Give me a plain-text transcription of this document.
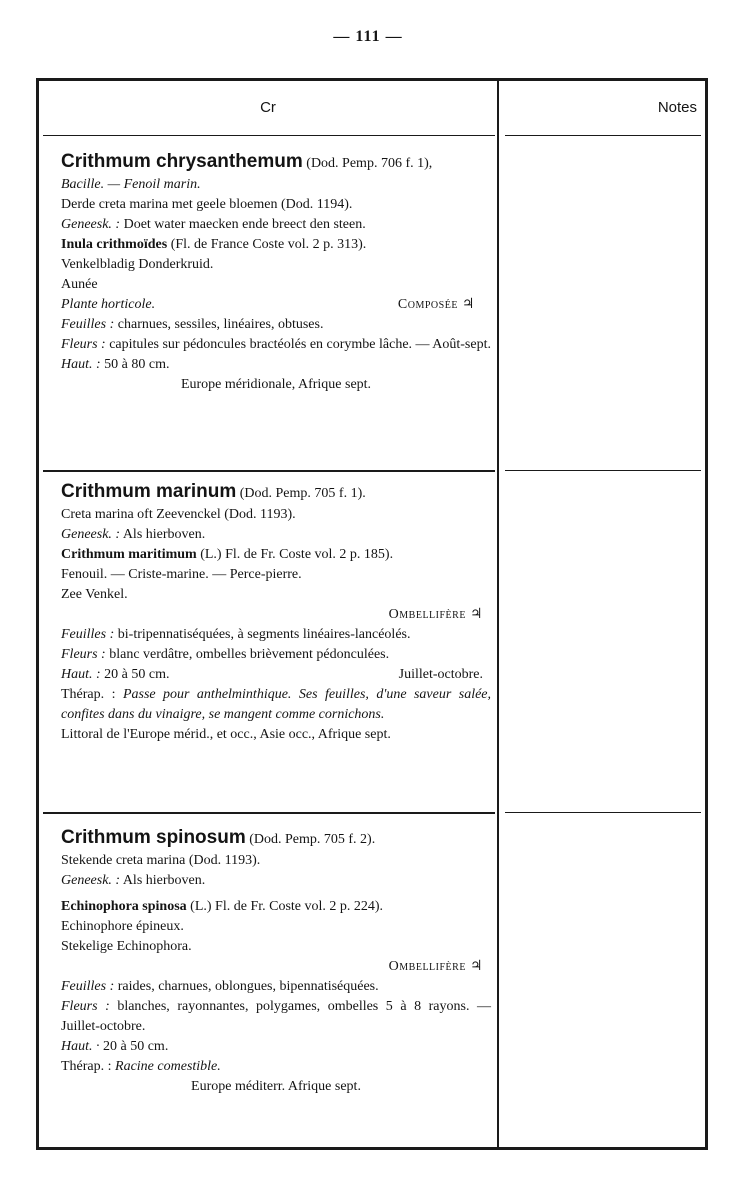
— 111 —
Cr	Notes
Crithmum chrysanthemum (Dod. Pemp. 706 f. 1),
Bacille. — Fenoil marin.
Derde creta marina met geele bloemen (Dod. 1194).
Geneesk. : Doet water maecken ende breect den steen.
Inula crithmoïdes (Fl. de France Coste vol. 2 p. 313).
Venkelbladig Donderkruid.
Aunée
Plante horticole.	Composée ♃
Feuilles : charnues, sessiles, linéaires, obtuses.
Fleurs : capitules sur pédoncules bractéolés en corymbe lâche. — Août-sept.
Haut. : 50 à 80 cm.
Europe méridionale, Afrique sept.
Crithmum marinum (Dod. Pemp. 705 f. 1).
Creta marina oft Zeevenckel (Dod. 1193).
Geneesk. : Als hierboven.
Crithmum maritimum (L.) Fl. de Fr. Coste vol. 2 p. 185).
Fenouil. — Criste-marine. — Perce-pierre.
Zee Venkel.
Ombellifère ♃
Feuilles : bi-tripennatiséquées, à segments linéaires-lancéolés.
Fleurs : blanc verdâtre, ombelles brièvement pédonculées.
Haut. : 20 à 50 cm.	Juillet-octobre.
Thérap. : Passe pour anthelminthique. Ses feuilles, d'une saveur salée, confites dans du vinaigre, se mangent comme cornichons.
Littoral de l'Europe mérid., et occ., Asie occ., Afrique sept.
Crithmum spinosum (Dod. Pemp. 705 f. 2).
Stekende creta marina (Dod. 1193).
Geneesk. : Als hierboven.
Echinophora spinosa (L.) Fl. de Fr. Coste vol. 2 p. 224).
Echinophore épineux.
Stekelige Echinophora.
Ombellifère ♃
Feuilles : raides, charnues, oblongues, bipennatiséquées.
Fleurs : blanches, rayonnantes, polygames, ombelles 5 à 8 rayons. — Juillet-octobre.
Haut. · 20 à 50 cm.
Thérap. : Racine comestible.
Europe méditerr. Afrique sept.
